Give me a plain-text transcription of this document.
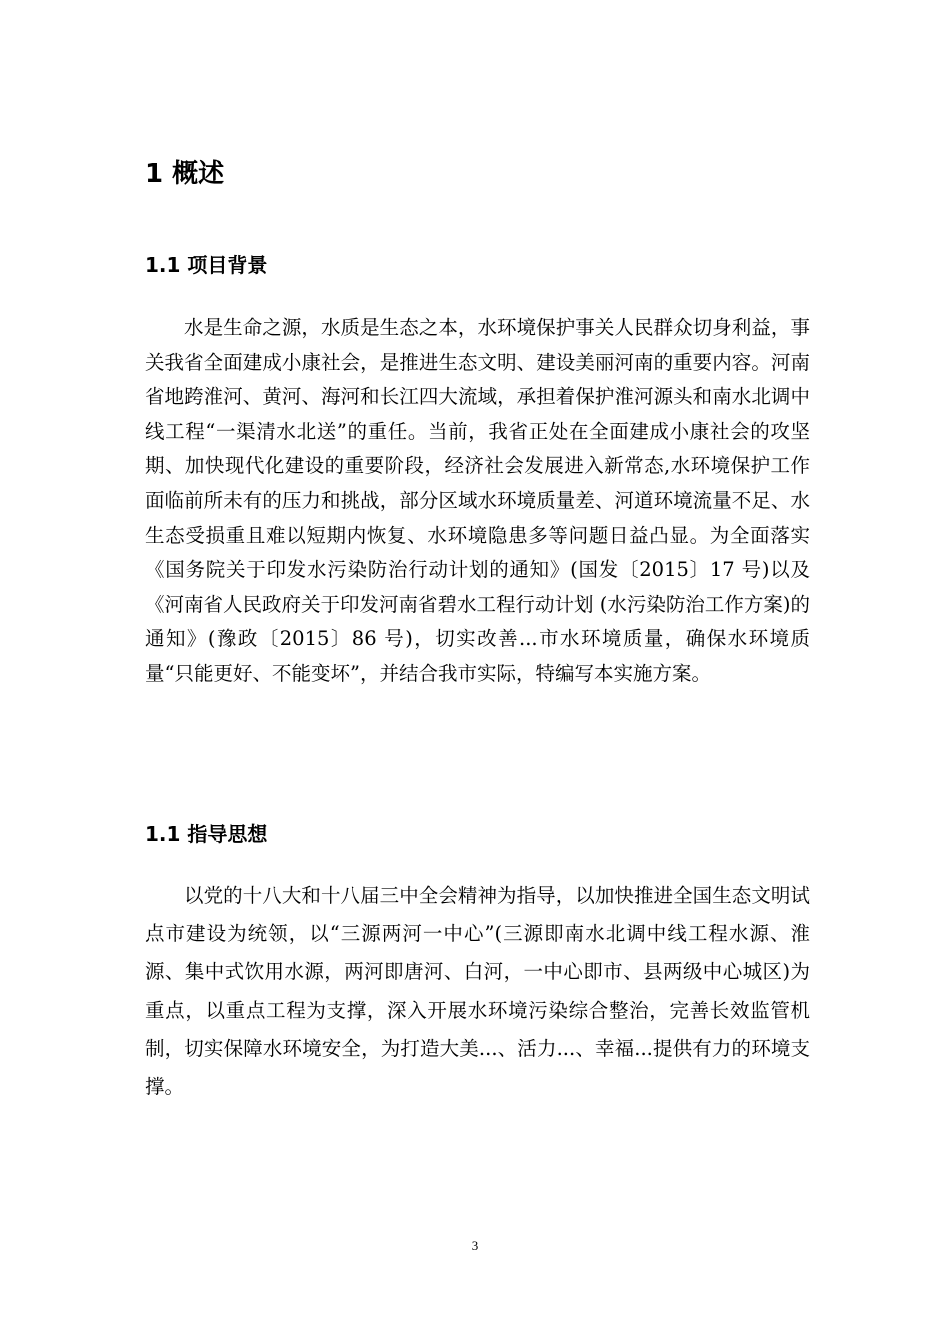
1 概述
1.1 项目背景

水是生命之源，水质是生态之本，水环境保护事关人民群众切身利益，事关我省全面建成小康社会，是推进生态文明、建设美丽河南的重要内容。河南省地跨淮河、黄河、海河和长江四大流域，承担着保护淮河源头和南水北调中线工程“一渠清水北送”的重任。当前，我省正处在全面建成小康社会的攻坚期、加快现代化建设的重要阶段，经济社会发展进入新常态,水环境保护工作面临前所未有的压力和挑战，部分区域水环境质量差、河道环境流量不足、水生态受损重且难以短期内恢复、水环境隐患多等问题日益凸显。为全面落实《国务院关于印发水污染防治行动计划的通知》(国发〔2015〕17 号)以及《河南省人民政府关于印发河南省碧水工程行动计划 (水污染防治工作方案)的通知》(豫政〔2015〕86 号)，切实改善...市水环境质量，确保水环境质量“只能更好、不能变坏”，并结合我市实际，特编写本实施方案。

1.1 指导思想

以党的十八大和十八届三中全会精神为指导，以加快推进全国生态文明试点市建设为统领，以“三源两河一中心”(三源即南水北调中线工程水源、淮源、集中式饮用水源，两河即唐河、白河，一中心即市、县两级中心城区)为重点，以重点工程为支撑，深入开展水环境污染综合整治，完善长效监管机制，切实保障水环境安全，为打造大美...、活力...、幸福...提供有力的环境支撑。

3
